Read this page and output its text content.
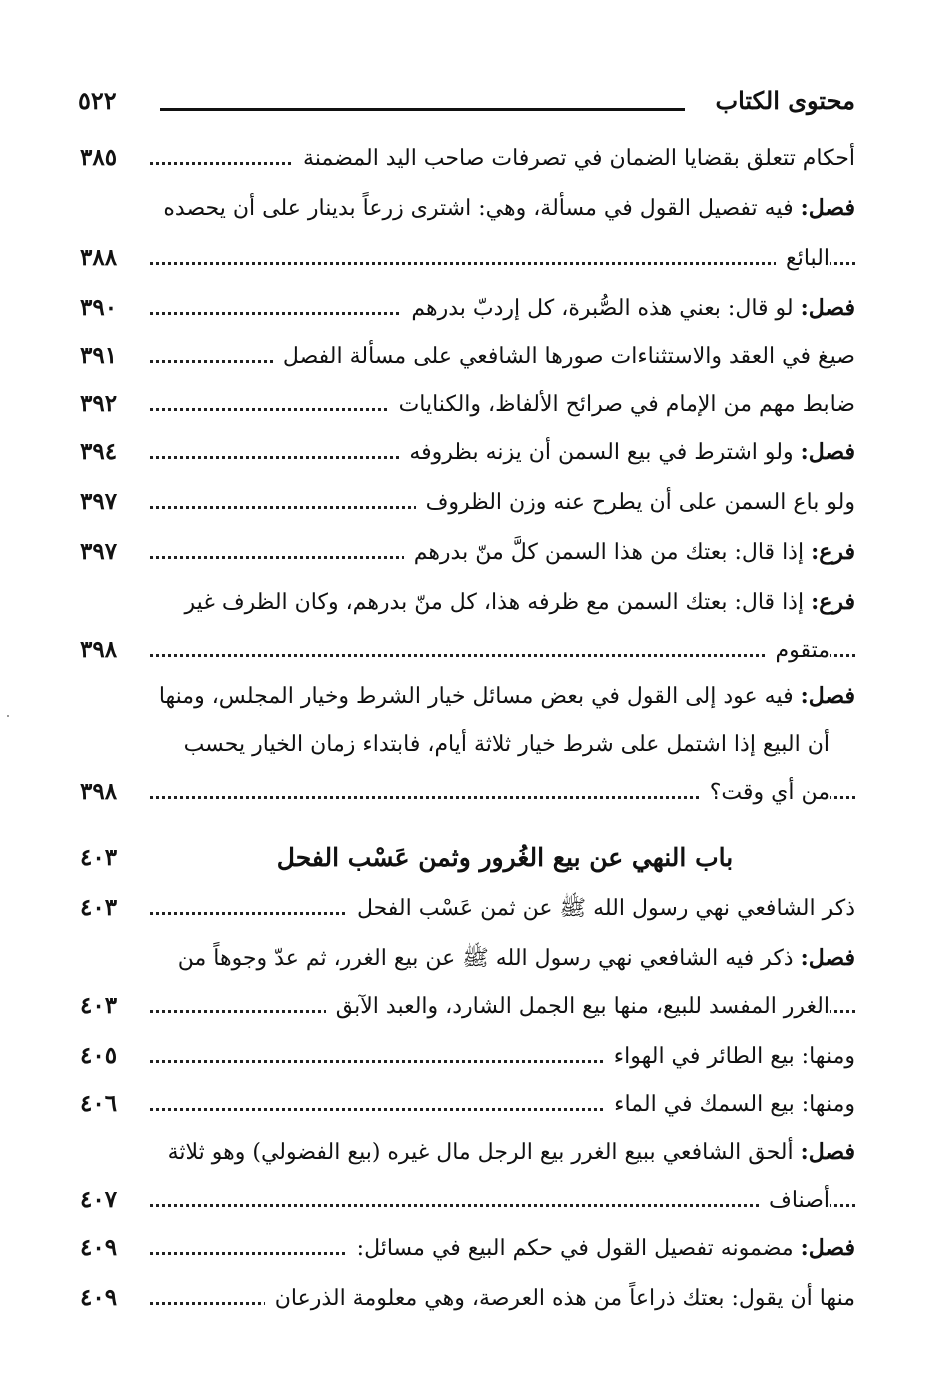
محتوى الكتاب
٥٢٢
أحكام تتعلق بقضايا الضمان في تصرفات صاحب اليد المضمنة
٣٨٥
فصل: فيه تفصيل القول في مسألة، وهي: اشترى زرعاً بدينار على أن يحصده
البائع
٣٨٨
فصل: لو قال: بعني هذه الصُّبرة، كل إردبّ بدرهم
٣٩٠
صيغ في العقد والاستثناءات صورها الشافعي على مسألة الفصل
٣٩١
ضابط مهم من الإمام في صرائح الألفاظ، والكنايات
٣٩٢
فصل: ولو اشترط في بيع السمن أن يزنه بظروفه
٣٩٤
ولو باع السمن على أن يطرح عنه وزن الظروف
٣٩٧
فرع: إذا قال: بعتك من هذا السمن كلَّ منّ بدرهم
٣٩٧
فرع: إذا قال: بعتك السمن مع ظرفه هذا، كل منّ بدرهم، وكان الظرف غير
متقوم
٣٩٨
فصل: فيه عود إلى القول في بعض مسائل خيار الشرط وخيار المجلس، ومنها
أن البيع إذا اشتمل على شرط خيار ثلاثة أيام، فابتداء زمان الخيار يحسب
من أي وقت؟
٣٩٨
باب النهي عن بيع الغُرور وثمن عَسْب الفحل
٤٠٣
ذكر الشافعي نهي رسول الله ﷺ عن ثمن عَسْب الفحل
٤٠٣
فصل: ذكر فيه الشافعي نهي رسول الله ﷺ عن بيع الغرر، ثم عدّ وجوهاً من
الغرر المفسد للبيع، منها بيع الجمل الشارد، والعبد الآبق
٤٠٣
ومنها: بيع الطائر في الهواء
٤٠٥
ومنها: بيع السمك في الماء
٤٠٦
فصل: ألحق الشافعي ببيع الغرر بيع الرجل مال غيره (بيع الفضولي) وهو ثلاثة
أصناف
٤٠٧
فصل: مضمونه تفصيل القول في حكم البيع في مسائل:
٤٠٩
منها أن يقول: بعتك ذراعاً من هذه العرصة، وهي معلومة الذرعان
٤٠٩
